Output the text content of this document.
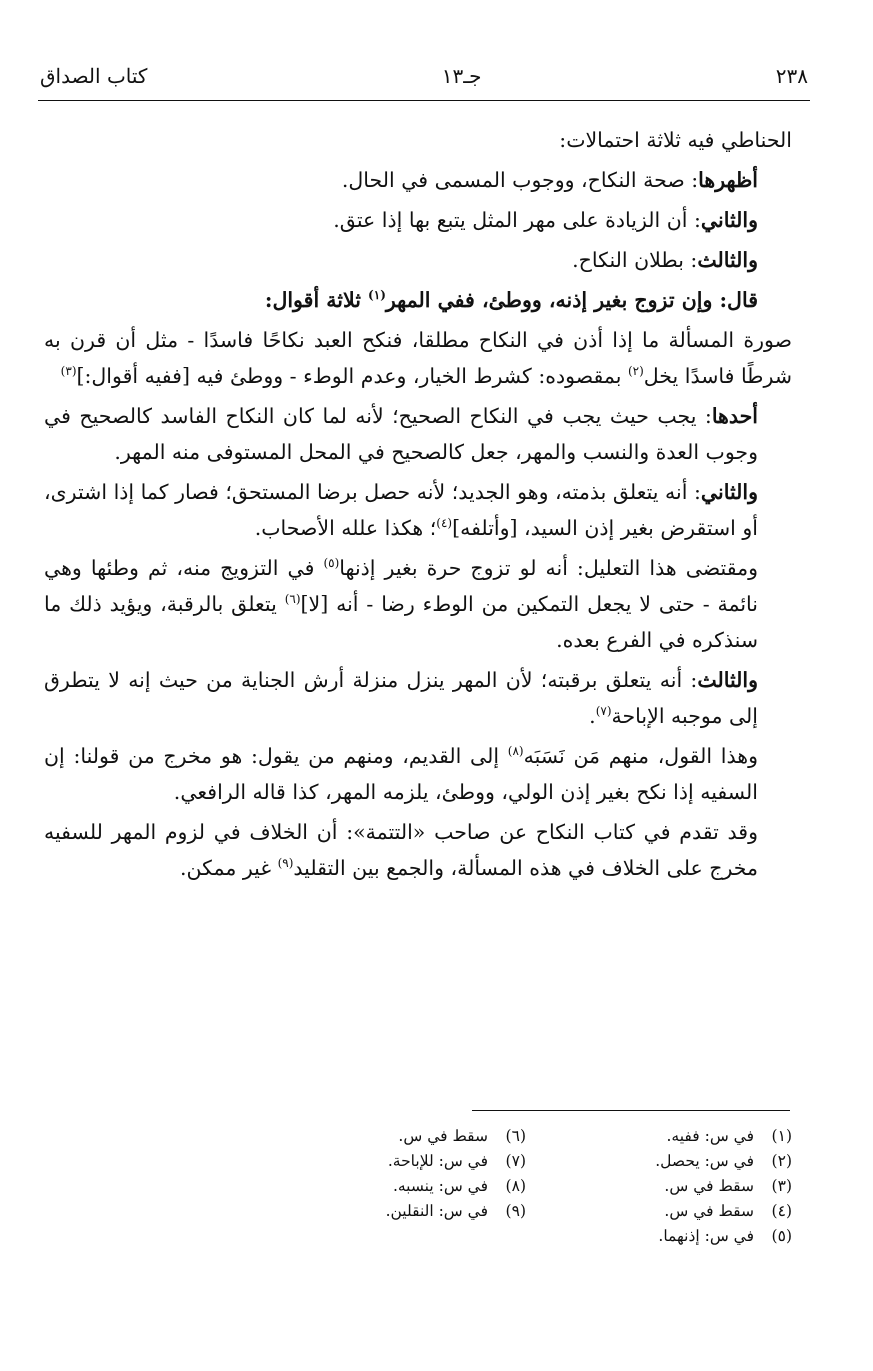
٢٣٨
جـ١٣
كتاب الصداق

الحناطي فيه ثلاثة احتمالات:

أظهرها: صحة النكاح، ووجوب المسمى في الحال.

والثاني: أن الزيادة على مهر المثل يتبع بها إذا عتق.

والثالث: بطلان النكاح.

قال: وإن تزوج بغير إذنه، ووطئ، ففي المهر$^{(١)}$ ثلاثة أقوال:

صورة المسألة ما إذا أذن في النكاح مطلقا، فنكح العبد نكاحًا فاسدًا - مثل أن قرن به شرطًا فاسدًا يخل$^{(٢)}$ بمقصوده: كشرط الخيار، وعدم الوطء - ووطئ فيه [ففيه أقوال:]$^{(٣)}$

أحدها: يجب حيث يجب في النكاح الصحيح؛ لأنه لما كان النكاح الفاسد كالصحيح في وجوب العدة والنسب والمهر، جعل كالصحيح في المحل المستوفى منه المهر.

والثاني: أنه يتعلق بذمته، وهو الجديد؛ لأنه حصل برضا المستحق؛ فصار كما إذا اشترى، أو استقرض بغير إذن السيد، [وأتلفه]$^{(٤)}$؛ هكذا علله الأصحاب.

ومقتضى هذا التعليل: أنه لو تزوج حرة بغير إذنها$^{(٥)}$ في التزويج منه، ثم وطئها وهي نائمة - حتى لا يجعل التمكين من الوطء رضا - أنه [لا]$^{(٦)}$ يتعلق بالرقبة، ويؤيد ذلك ما سنذكره في الفرع بعده.

والثالث: أنه يتعلق برقبته؛ لأن المهر ينزل منزلة أرش الجناية من حيث إنه لا يتطرق إلى موجبه الإباحة$^{(٧)}$.

وهذا القول، منهم مَن نَسَبَه$^{(٨)}$ إلى القديم، ومنهم من يقول: هو مخرج من قولنا: إن السفيه إذا نكح بغير إذن الولي، ووطئ، يلزمه المهر، كذا قاله الرافعي.

وقد تقدم في كتاب النكاح عن صاحب «التتمة»: أن الخلاف في لزوم المهر للسفيه مخرج على الخلاف في هذه المسألة، والجمع بين التقليد$^{(٩)}$ غير ممكن.

(١)
في س: ففيه.
(٢)
في س: يحصل.
(٣)
سقط في س.
(٤)
سقط في س.
(٥)
في س: إذنهما.
(٦)
سقط في س.
(٧)
في س: للإباحة.
(٨)
في س: ينسبه.
(٩)
في س: النقلين.
